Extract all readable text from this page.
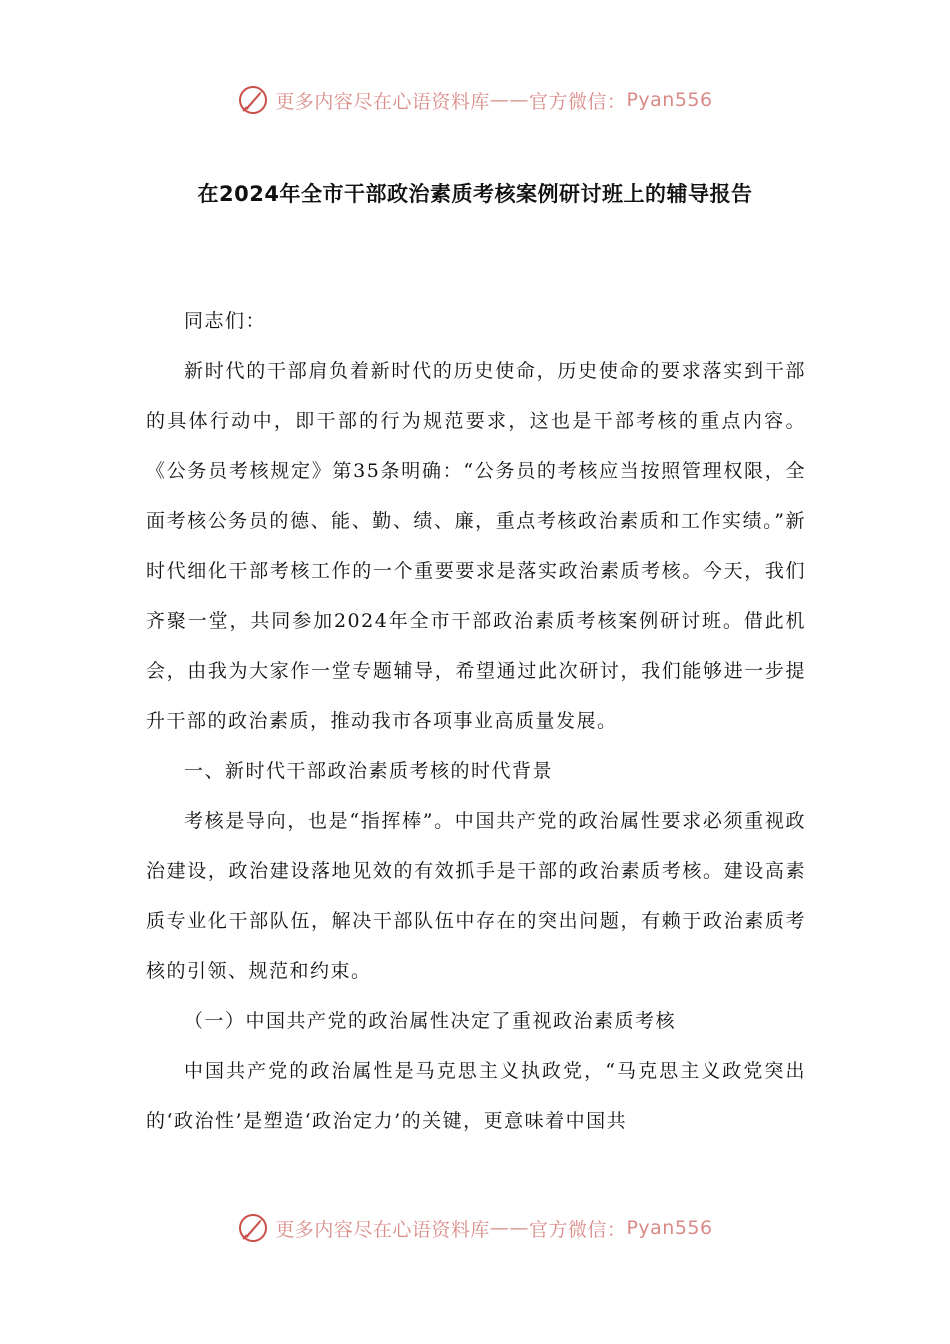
更多内容尽在心语资料库 —— 官方微信： Pyan556
在2024年全市干部政治素质考核案例研讨班上的辅导报告

同志们：

新时代的干部肩负着新时代的历史使命，历史使命的要求落实到干部的具体行动中，即干部的行为规范要求，这也是干部考核的重点内容。《公务员考核规定》第35条明确：“公务员的考核应当按照管理权限，全面考核公务员的德、能、勤、绩、廉，重点考核政治素质和工作实绩。”新时代细化干部考核工作的一个重要要求是落实政治素质考核。今天，我们齐聚一堂，共同参加2024年全市干部政治素质考核案例研讨班。借此机会，由我为大家作一堂专题辅导，希望通过此次研讨，我们能够进一步提升干部的政治素质，推动我市各项事业高质量发展。

一、新时代干部政治素质考核的时代背景

考核是导向，也是“指挥棒”。中国共产党的政治属性要求必须重视政治建设，政治建设落地见效的有效抓手是干部的政治素质考核。建设高素质专业化干部队伍，解决干部队伍中存在的突出问题，有赖于政治素质考核的引领、规范和约束。

（一）中国共产党的政治属性决定了重视政治素质考核

中国共产党的政治属性是马克思主义执政党，“马克思主义政党突出的‘政治性’是塑造‘政治定力’的关键，更意味着中国共

更多内容尽在心语资料库 —— 官方微信： Pyan556
